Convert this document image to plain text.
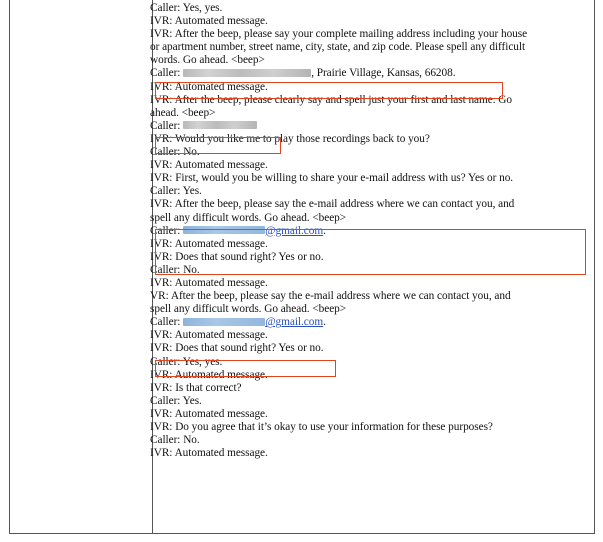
Caller: Yes, yes.
IVR: Automated message.
IVR: After the beep, please say your complete mailing address including your house
or apartment number, street name, city, state, and zip code. Please spell any difficult
words. Go ahead. <beep>
Caller:	, Prairie Village, Kansas, 66208.
IVR: Automated message.
IVR: After the beep, please clearly say and spell just your first and last name. Go
ahead. <beep>
Caller:
IVR: Would you like me to play those recordings back to you?
Caller: No.
IVR: Automated message.
IVR: First, would you be willing to share your e-mail address with us? Yes or no.
Caller: Yes.
IVR: After the beep, please say the e-mail address where we can contact you, and
spell any difficult words. Go ahead. <beep>
Caller:	@gmail.com.
IVR: Automated message.
IVR: Does that sound right? Yes or no.
Caller: No.
IVR: Automated message.
VR: After the beep, please say the e-mail address where we can contact you, and
spell any difficult words. Go ahead. <beep>
Caller:	@gmail.com.
IVR: Automated message.
IVR: Does that sound right? Yes or no.
Caller: Yes, yes.
IVR: Automated message.
IVR: Is that correct?
Caller: Yes.
IVR: Automated message.
IVR: Do you agree that it’s okay to use your information for these purposes?
Caller: No.
IVR: Automated message.
